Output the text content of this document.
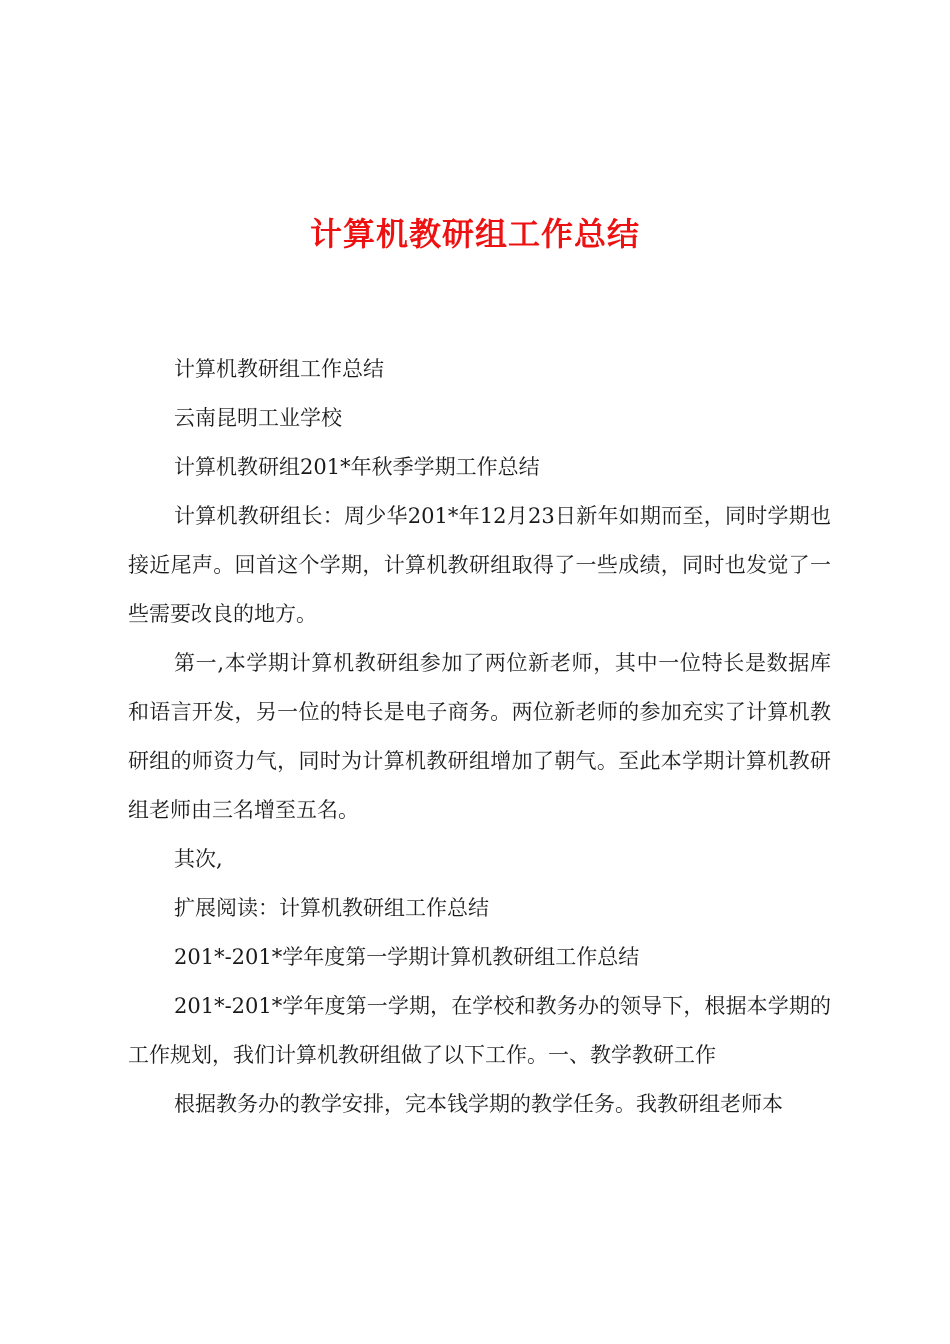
计算机教研组工作总结

计算机教研组工作总结

云南昆明工业学校

计算机教研组201*年秋季学期工作总结

计算机教研组长：周少华201*年12月23日新年如期而至，同时学期也接近尾声。回首这个学期，计算机教研组取得了一些成绩，同时也发觉了一些需要改良的地方。

第一,本学期计算机教研组参加了两位新老师，其中一位特长是数据库和语言开发，另一位的特长是电子商务。两位新老师的参加充实了计算机教研组的师资力气，同时为计算机教研组增加了朝气。至此本学期计算机教研组老师由三名增至五名。

其次,

扩展阅读：计算机教研组工作总结

201*-201*学年度第一学期计算机教研组工作总结

201*-201*学年度第一学期，在学校和教务办的领导下，根据本学期的工作规划，我们计算机教研组做了以下工作。一、教学教研工作

根据教务办的教学安排，完本钱学期的教学任务。我教研组老师本
